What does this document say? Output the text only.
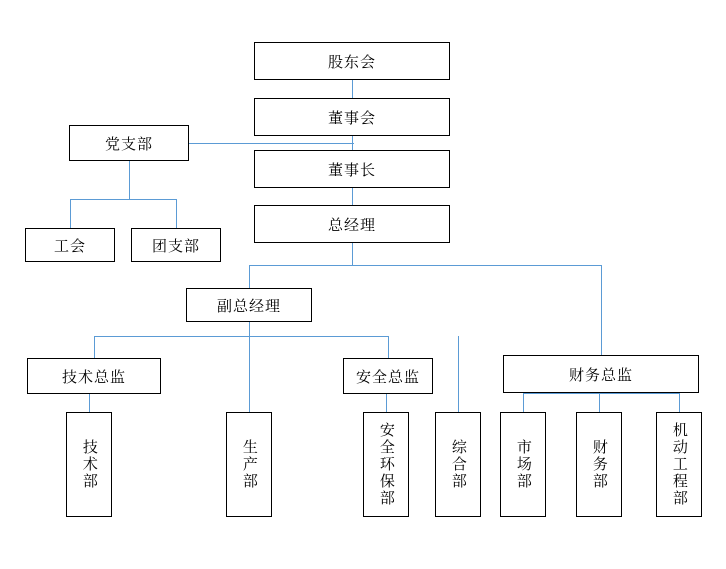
股东会
董事会
董事长
总经理
党支部
工会	团支部
副总经理
技术总监	安全总监	财务总监
技术部	生产部	安全环保部	综合部	市场部	财务部	机动工程部
